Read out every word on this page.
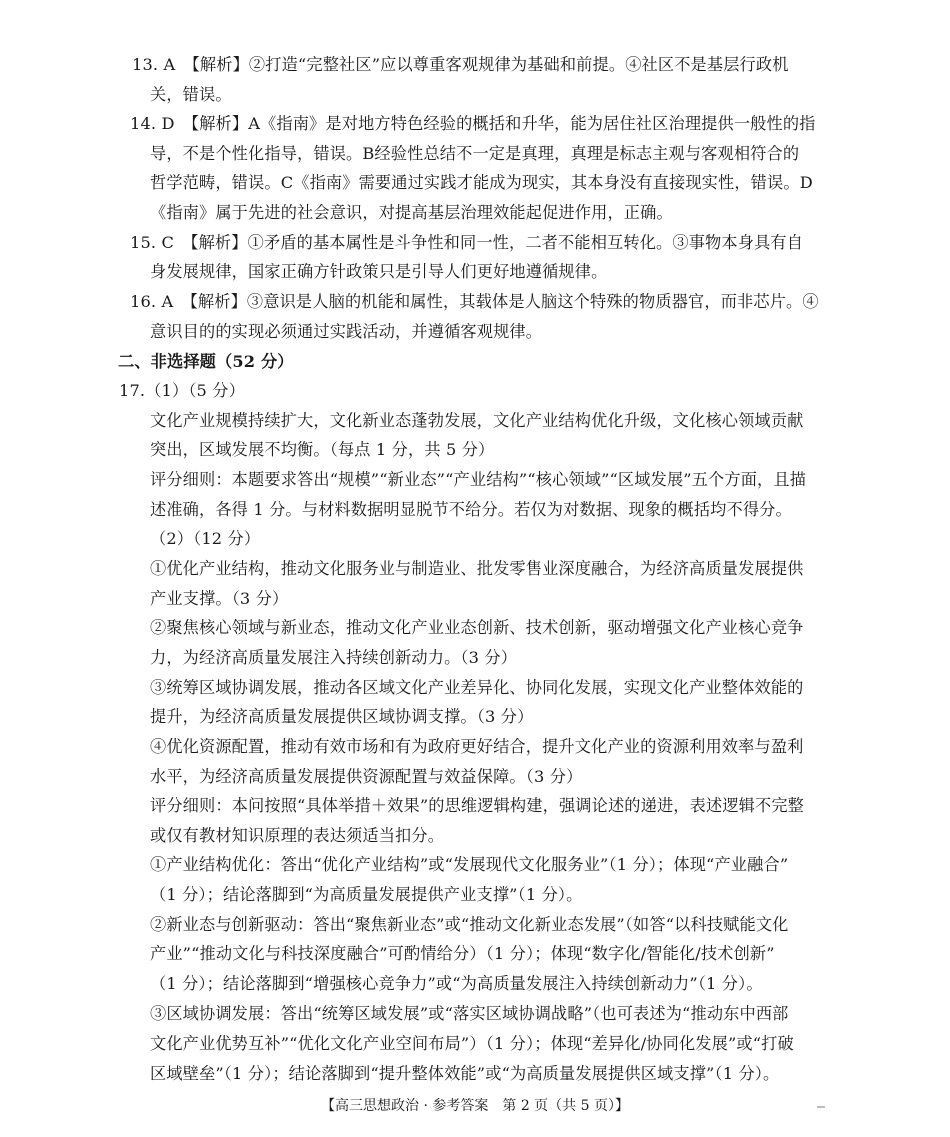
13. A　【解析】②打造“完整社区”应以尊重客观规律为基础和前提。④社区不是基层行政机
关，错误。
14. D　【解析】A《指南》是对地方特色经验的概括和升华，能为居住社区治理提供一般性的指
导，不是个性化指导，错误。B经验性总结不一定是真理，真理是标志主观与客观相符合的
哲学范畴，错误。C《指南》需要通过实践才能成为现实，其本身没有直接现实性，错误。D
《指南》属于先进的社会意识，对提高基层治理效能起促进作用，正确。
15. C　【解析】①矛盾的基本属性是斗争性和同一性，二者不能相互转化。③事物本身具有自
身发展规律，国家正确方针政策只是引导人们更好地遵循规律。
16. A　【解析】③意识是人脑的机能和属性，其载体是人脑这个特殊的物质器官，而非芯片。④
意识目的的实现必须通过实践活动，并遵循客观规律。
二、非选择题（52 分）
17.（1）（5 分）
文化产业规模持续扩大，文化新业态蓬勃发展，文化产业结构优化升级，文化核心领域贡献
突出，区域发展不均衡。（每点 1 分，共 5 分）
评分细则：本题要求答出“规模”“新业态”“产业结构”“核心领域”“区域发展”五个方面，且描
述准确，各得 1 分。与材料数据明显脱节不给分。若仅为对数据、现象的概括均不得分。
（2）（12 分）
①优化产业结构，推动文化服务业与制造业、批发零售业深度融合，为经济高质量发展提供
产业支撑。（3 分）
②聚焦核心领域与新业态，推动文化产业业态创新、技术创新，驱动增强文化产业核心竞争
力，为经济高质量发展注入持续创新动力。（3 分）
③统筹区域协调发展，推动各区域文化产业差异化、协同化发展，实现文化产业整体效能的
提升，为经济高质量发展提供区域协调支撑。（3 分）
④优化资源配置，推动有效市场和有为政府更好结合，提升文化产业的资源利用效率与盈利
水平，为经济高质量发展提供资源配置与效益保障。（3 分）
评分细则：本问按照“具体举措＋效果”的思维逻辑构建，强调论述的递进，表述逻辑不完整
或仅有教材知识原理的表达须适当扣分。
①产业结构优化：答出“优化产业结构”或“发展现代文化服务业”（1 分）；体现“产业融合”
（1 分）；结论落脚到“为高质量发展提供产业支撑”（1 分）。
②新业态与创新驱动：答出“聚焦新业态”或“推动文化新业态发展”（如答“以科技赋能文化
产业”“推动文化与科技深度融合”可酌情给分）（1 分）；体现“数字化/智能化/技术创新”
（1 分）；结论落脚到“增强核心竞争力”或“为高质量发展注入持续创新动力”（1 分）。
③区域协调发展：答出“统筹区域发展”或“落实区域协调战略”（也可表述为“推动东中西部
文化产业优势互补”“优化文化产业空间布局”）（1 分）；体现“差异化/协同化发展”或“打破
区域壁垒”（1 分）；结论落脚到“提升整体效能”或“为高质量发展提供区域支撑”（1 分）。
【高三思想政治 · 参考答案　第 2 页（共 5 页）】
